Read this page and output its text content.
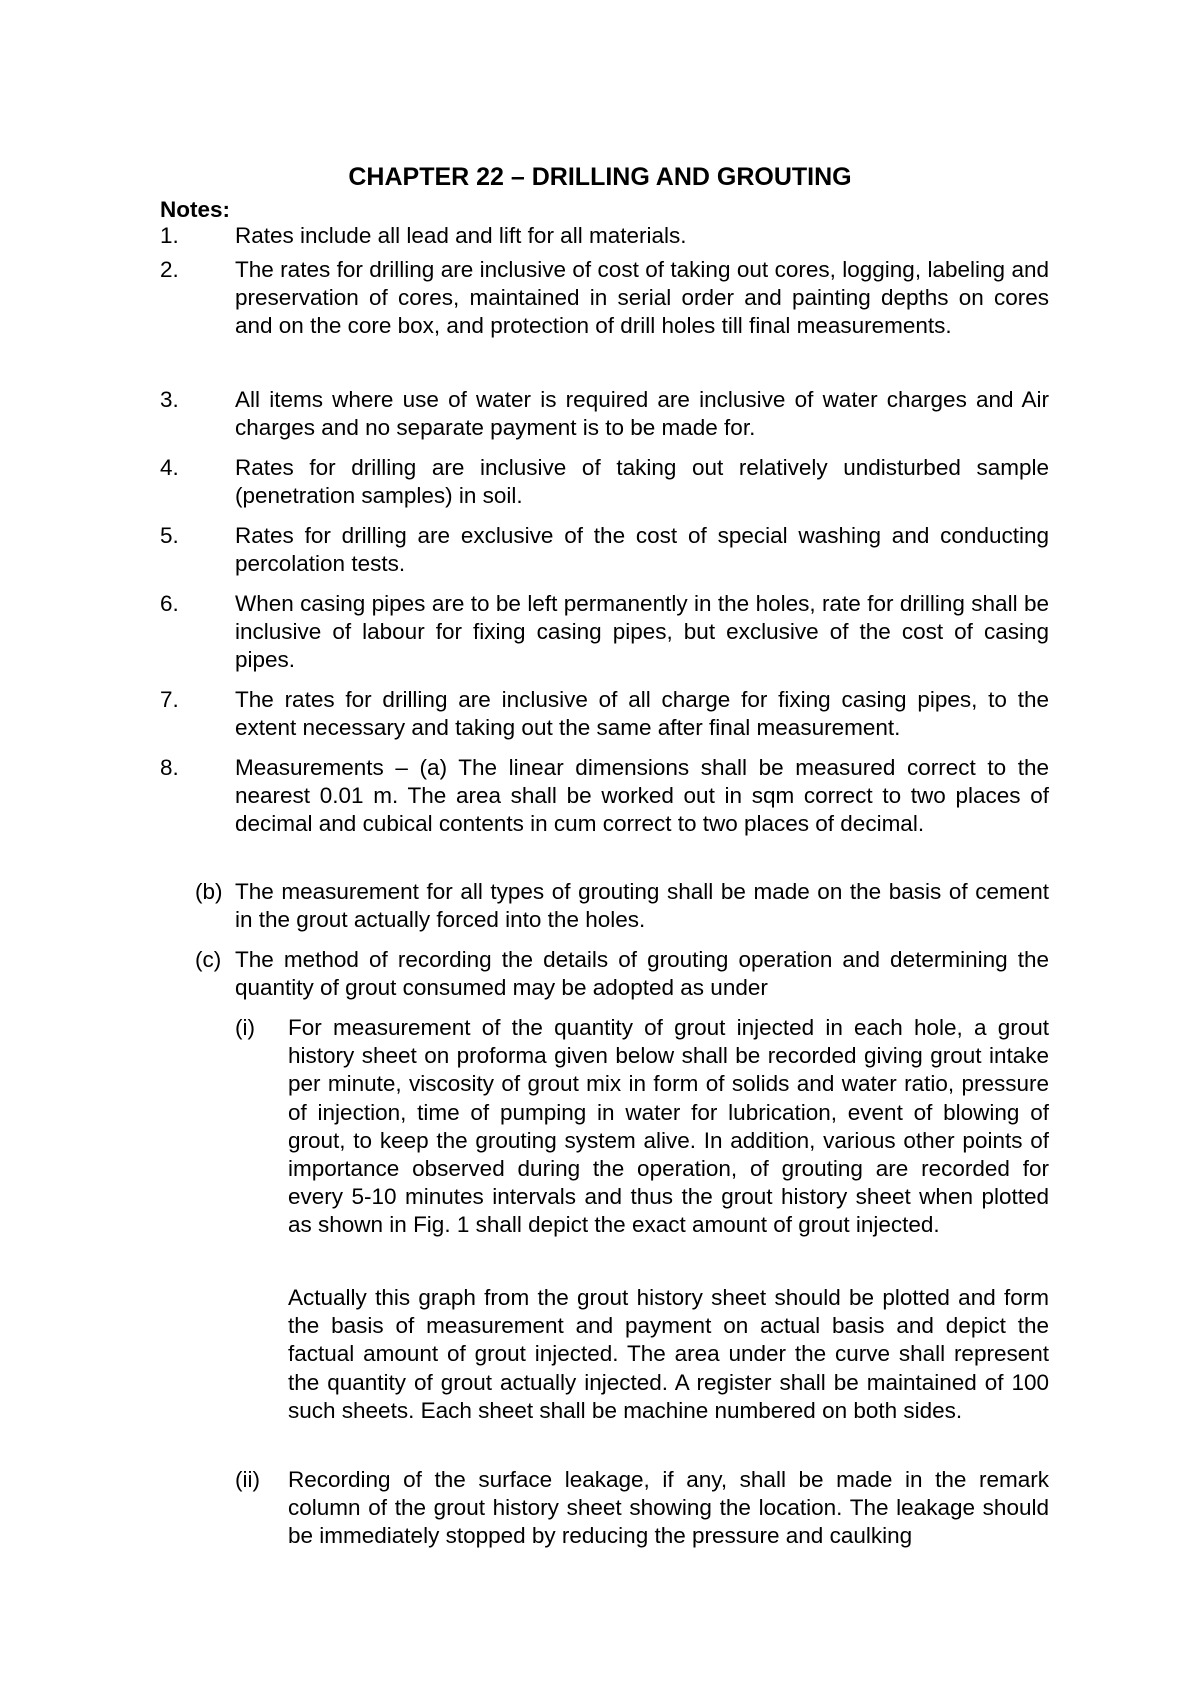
CHAPTER 22 – DRILLING AND GROUTING
Notes:
1. Rates include all lead and lift for all materials.
2. The rates for drilling are inclusive of cost of taking out cores, logging, labeling and preservation of cores, maintained in serial order and painting depths on cores and on the core box, and protection of drill holes till final measurements.
3. All items where use of water is required are inclusive of water charges and Air charges and no separate payment is to be made for.
4. Rates for drilling are inclusive of taking out relatively undisturbed sample (penetration samples) in soil.
5. Rates for drilling are exclusive of the cost of special washing and conducting percolation tests.
6. When casing pipes are to be left permanently in the holes, rate for drilling shall be inclusive of labour for fixing casing pipes, but exclusive of the cost of casing pipes.
7. The rates for drilling are inclusive of all charge for fixing casing pipes, to the extent necessary and taking out the same after final measurement.
8. Measurements – (a) The linear dimensions shall be measured correct to the nearest 0.01 m. The area shall be worked out in sqm correct to two places of decimal and cubical contents in cum correct to two places of decimal.
(b) The measurement for all types of grouting shall be made on the basis of cement in the grout actually forced into the holes.
(c) The method of recording the details of grouting operation and determining the quantity of grout consumed may be adopted as under
(i) For measurement of the quantity of grout injected in each hole, a grout history sheet on proforma given below shall be recorded giving grout intake per minute, viscosity of grout mix in form of solids and water ratio, pressure of injection, time of pumping in water for lubrication, event of blowing of grout, to keep the grouting system alive. In addition, various other points of importance observed during the operation, of grouting are recorded for every 5-10 minutes intervals and thus the grout history sheet when plotted as shown in Fig. 1 shall depict the exact amount of grout injected.
Actually this graph from the grout history sheet should be plotted and form the basis of measurement and payment on actual basis and depict the factual amount of grout injected. The area under the curve shall represent the quantity of grout actually injected. A register shall be maintained of 100 such sheets. Each sheet shall be machine numbered on both sides.
(ii) Recording of the surface leakage, if any, shall be made in the remark column of the grout history sheet showing the location. The leakage should be immediately stopped by reducing the pressure and caulking
